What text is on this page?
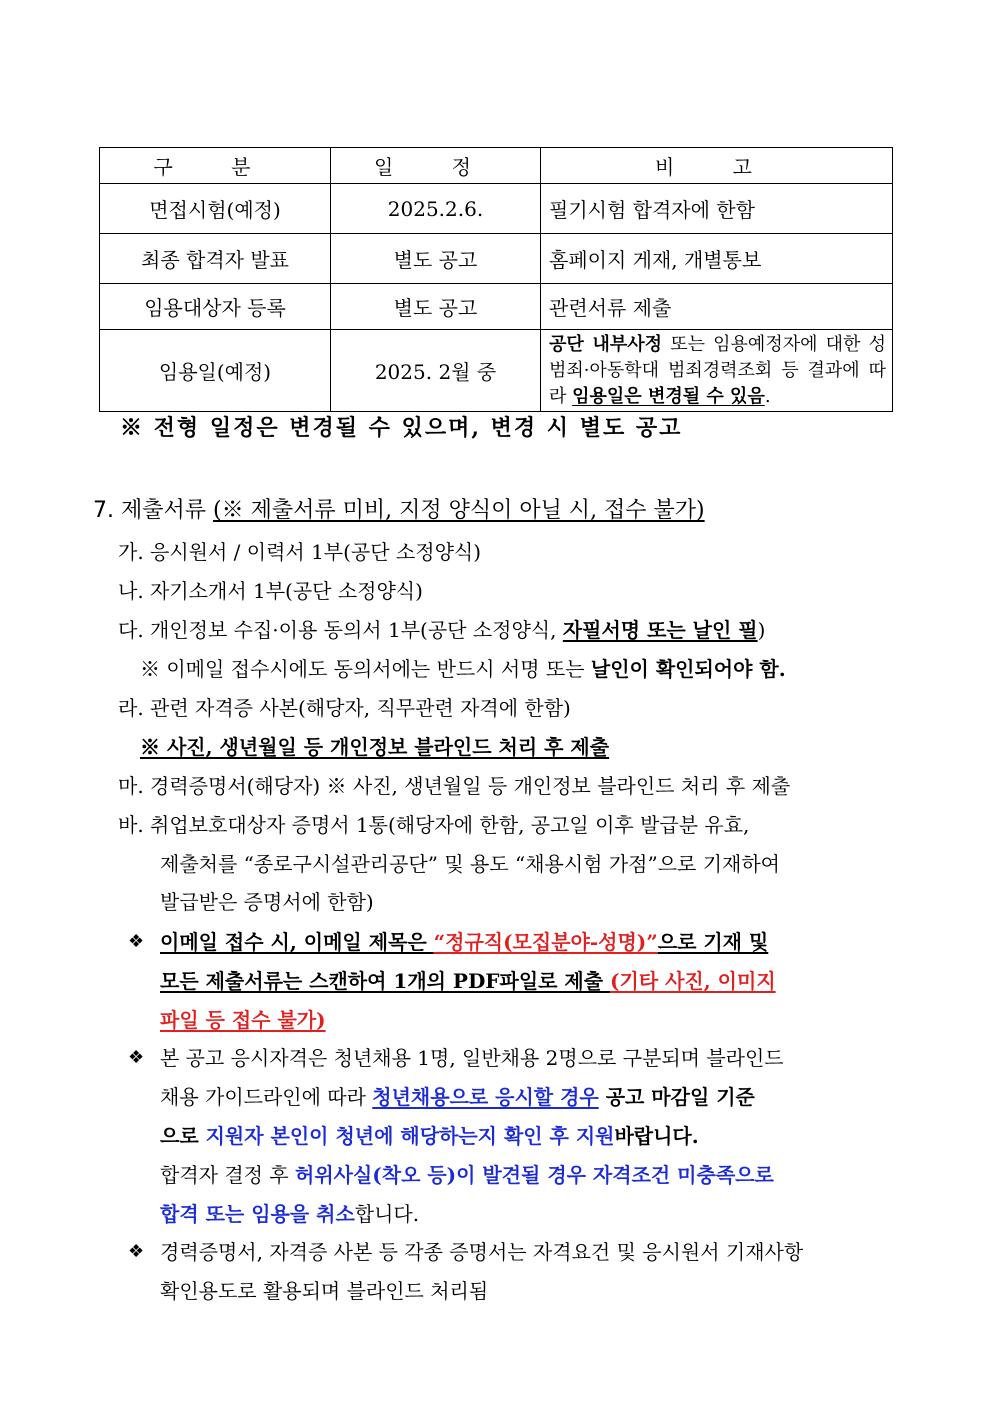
구 분	일 정	비 고
면접시험(예정)	2025.2.6.	필기시험 합격자에 한함
최종 합격자 발표	별도 공고	홈페이지 게재, 개별통보
임용대상자 등록	별도 공고	관련서류 제출
임용일(예정)	2025. 2월 중	공단 내부사정 또는 임용예정자에 대한 성범죄·아동학대 범죄경력조회 등 결과에 따라 임용일은 변경될 수 있음.
※ 전형 일정은 변경될 수 있으며, 변경 시 별도 공고
7. 제출서류 (※ 제출서류 미비, 지정 양식이 아닐 시, 접수 불가)
가. 응시원서 / 이력서 1부(공단 소정양식)
나. 자기소개서 1부(공단 소정양식)
다. 개인정보 수집·이용 동의서 1부(공단 소정양식, 자필서명 또는 날인 필)
※ 이메일 접수시에도 동의서에는 반드시 서명 또는 날인이 확인되어야 함.
라. 관련 자격증 사본(해당자, 직무관련 자격에 한함)
※ 사진, 생년월일 등 개인정보 블라인드 처리 후 제출
마. 경력증명서(해당자) ※ 사진, 생년월일 등 개인정보 블라인드 처리 후 제출
바. 취업보호대상자 증명서 1통(해당자에 한함, 공고일 이후 발급분 유효,
제출처를 “종로구시설관리공단” 및 용도 “채용시험 가점”으로 기재하여
발급받은 증명서에 한함)
❖ 이메일 접수 시, 이메일 제목은 “정규직(모집분야-성명)”으로 기재 및
모든 제출서류는 스캔하여 1개의 PDF파일로 제출 (기타 사진, 이미지
파일 등 접수 불가)
❖ 본 공고 응시자격은 청년채용 1명, 일반채용 2명으로 구분되며 블라인드
채용 가이드라인에 따라 청년채용으로 응시할 경우 공고 마감일 기준
으로 지원자 본인이 청년에 해당하는지 확인 후 지원바랍니다.
합격자 결정 후 허위사실(착오 등)이 발견될 경우 자격조건 미충족으로
합격 또는 임용을 취소합니다.
❖ 경력증명서, 자격증 사본 등 각종 증명서는 자격요건 및 응시원서 기재사항
확인용도로 활용되며 블라인드 처리됨
